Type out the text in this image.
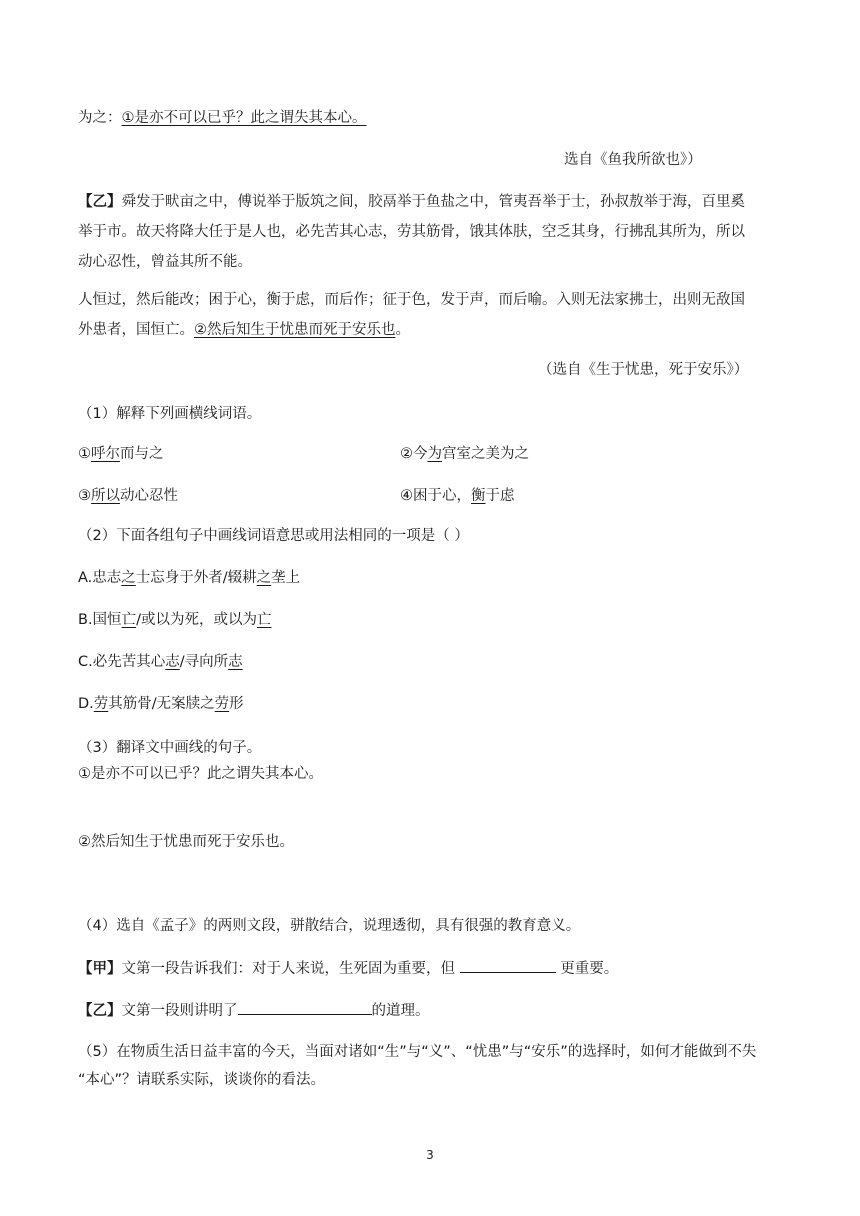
为之：①是亦不可以已乎？此之谓失其本心。
选自《鱼我所欲也》）
【乙】舜发于畎亩之中，傅说举于版筑之间，胶鬲举于鱼盐之中，管夷吾举于士，孙叔敖举于海，百里奚
举于市。故天将降大任于是人也，必先苦其心志，劳其筋骨，饿其体肤，空乏其身，行拂乱其所为，所以
动心忍性，曾益其所不能。
人恒过，然后能改；困于心，衡于虑，而后作；征于色，发于声，而后喻。入则无法家拂士，出则无敌国
外患者，国恒亡。②然后知生于忧患而死于安乐也。
（选自《生于忧患，死于安乐》）
（1）解释下列画横线词语。
①呼尔而与之	②今为宫室之美为之
③所以动心忍性	④困于心，衡于虑
（2）下面各组句子中画线词语意思或用法相同的一项是（ ）
A.忠志之士忘身于外者/辍耕之垄上
B.国恒亡/或以为死，或以为亡
C.必先苦其心志/寻向所志
D.劳其筋骨/无案牍之劳形
（3）翻译文中画线的句子。
①是亦不可以已乎？此之谓失其本心。
②然后知生于忧患而死于安乐也。
（4）选自《孟子》的两则文段，骈散结合，说理透彻，具有很强的教育意义。
【甲】文第一段告诉我们：对于人来说，生死固为重要，但	更重要。
【乙】文第一段则讲明了	的道理。
（5）在物质生活日益丰富的今天，当面对诸如“生”与“义”、“忧患”与“安乐”的选择时，如何才能做到不失
“本心”？请联系实际，谈谈你的看法。
3
